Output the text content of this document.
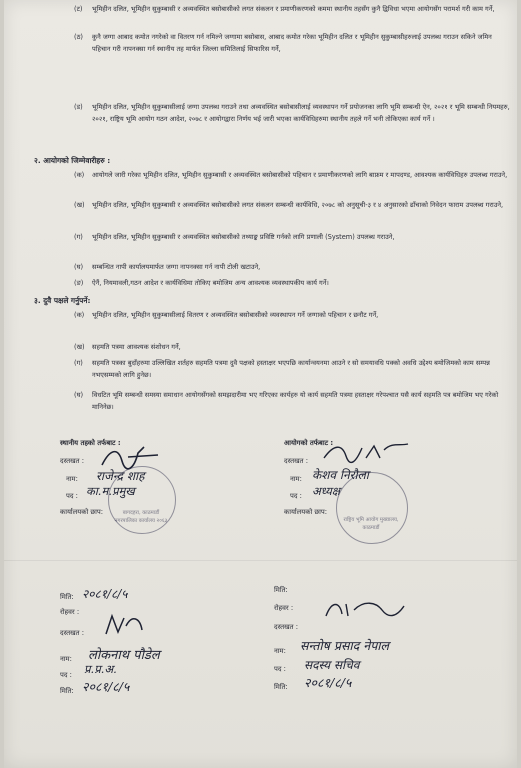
(ट) भूमिहीन दलित, भूमिहीन सुकुम्बासी र अव्यवस्थित बसोबासीको लगत संकलन र प्रमाणीकरणको कममा स्थानीय तहसँग कुनै द्विविधा भएमा आयोगसँग परामर्श गरी काम गर्ने,
(ठ) कुनै जग्गा आबाद कमोत नगरेको वा वितरण गर्न नमिल्ने जग्गामा बसोबास, आबाद कमोत गरेका भूमिहीन दलित र भूमिहीन सुकुम्बासीहरुलाई उपलब्ध गराउन सकिने जमिन पहिचान गरी नापनक्सा गर्न स्थानीय तह मार्फत जिल्ला समितिलाई सिफारिस गर्ने,
(ड) भूमिहीन दलित, भूमिहीन सुकुम्बासीलाई जग्गा उपलब्ध गराउने तथा अव्यवस्थित बसोबासीलाई व्यवस्थापन गर्ने प्रयोजनका लागि भूमि सम्बन्धी ऐन, २०२१ र भूमि सम्बन्धी नियमहरु, २०२१, राष्ट्रिय भूमि आयोग गठन आदेश, २०७८ र आयोगद्वारा निर्णय भई जारी भएका कार्यविधिहरुमा स्थानीय तहले गर्ने भनी तोकिएका कार्य गर्ने ।
२. आयोगको जिम्मेवारीहरु :
(क) आयोगले जारी गरेका भूमिहीन दलित, भूमिहीन सुकुम्बासी र अव्यवस्थित बसोबासीको पहिचान र प्रमाणीकरणको लागि बाफ्रम र मापदण्ड, आवश्यक कार्यविधिहरु उपलब्ध गराउने,
(ख) भूमिहीन दलित, भूमिहीन सुकुम्बासी र अव्यवस्थित बसोबासीको लगत संकलन सम्बन्धी कार्यविधि, २०७८ को अनुसूची-३ र ४ अनुसारको ढाँचाको निवेदन फाराम उपलब्ध गराउने,
(ग) भूमिहीन दलित, भूमिहीन सुकुम्बासी र अव्यवस्थित बसोबासीको तथ्याङ्क प्रविष्टि गर्नको लागि प्रणाली (System) उपलब्ध गराउने,
(घ) सम्बन्धित नापी कार्यालयमार्फत जग्गा नापनक्सा गर्न नापी टोली खटाउने,
(ङ) ऐनैं, नियमावली,गठन आदेश र कार्यविधिमा तोकिए बमोजिम अन्य आवश्यक व्यवस्थापकीय कार्य गर्ने।
३. दुवै पक्षले गर्नुपर्ने:
(क) भूमिहीन दलित, भूमिहीन सुकुम्बासीलाई वितरण र अव्यवस्थित बसोबासीको व्यवस्थापन गर्ने जग्गाको पहिचान र छनौट गर्ने,
(ख) सहमति पत्रमा आवश्यक संशोधन गर्ने,
(ग) सहमति पत्रका बुदाँहरुमा उल्लिखित शर्तहरु सहमति पत्रमा दुवै पक्षको हस्ताक्षर भएपछि कार्यान्वयनमा आउने र सो समयावधि पक्को अवधि उद्देश्य बमोजिमको काम सम्पन्न नभएसम्मको लागि हुनेछ।
(घ) विधटित भूमि सम्बन्धी समस्या समाधान आयोगसँगको समझदारीमा भए गरिएका कार्यहरु यो कार्य सहमति पत्रमा हस्ताक्षर गरेपश्चात यसै कार्य सहमति पत्र बमोजिम भए गरेको मानिनेछ।
स्थानीय तहको तर्फबाट :
दस्तखत :
नाम: राजेन्द्र शाह
पद : का.म.प्रमुख
कार्यालयको छाप:	बागदहरा, काठमाडौं नगरपालिका कार्यालय २०६३
आयोगको तर्फबाट :
दस्तखत :
नाम: केशव निरौला
पद : अध्यक्ष
कार्यालयको छाप:
राष्ट्रिय भूमि आयोग मुख्यालय, काठमाडौं
मिति: २०८१/८/५
रोहवर :
दस्तखत :
नाम: लोकनाथ पौडेल
पद : प्र.प्र.अ.
मिति: २०८१/८/५
मिति:
रोहवर :
दस्तखत :
नाम: सन्तोष प्रसाद नेपाल
पद : सदस्य सचिव
मिति: २०८१/८/५
